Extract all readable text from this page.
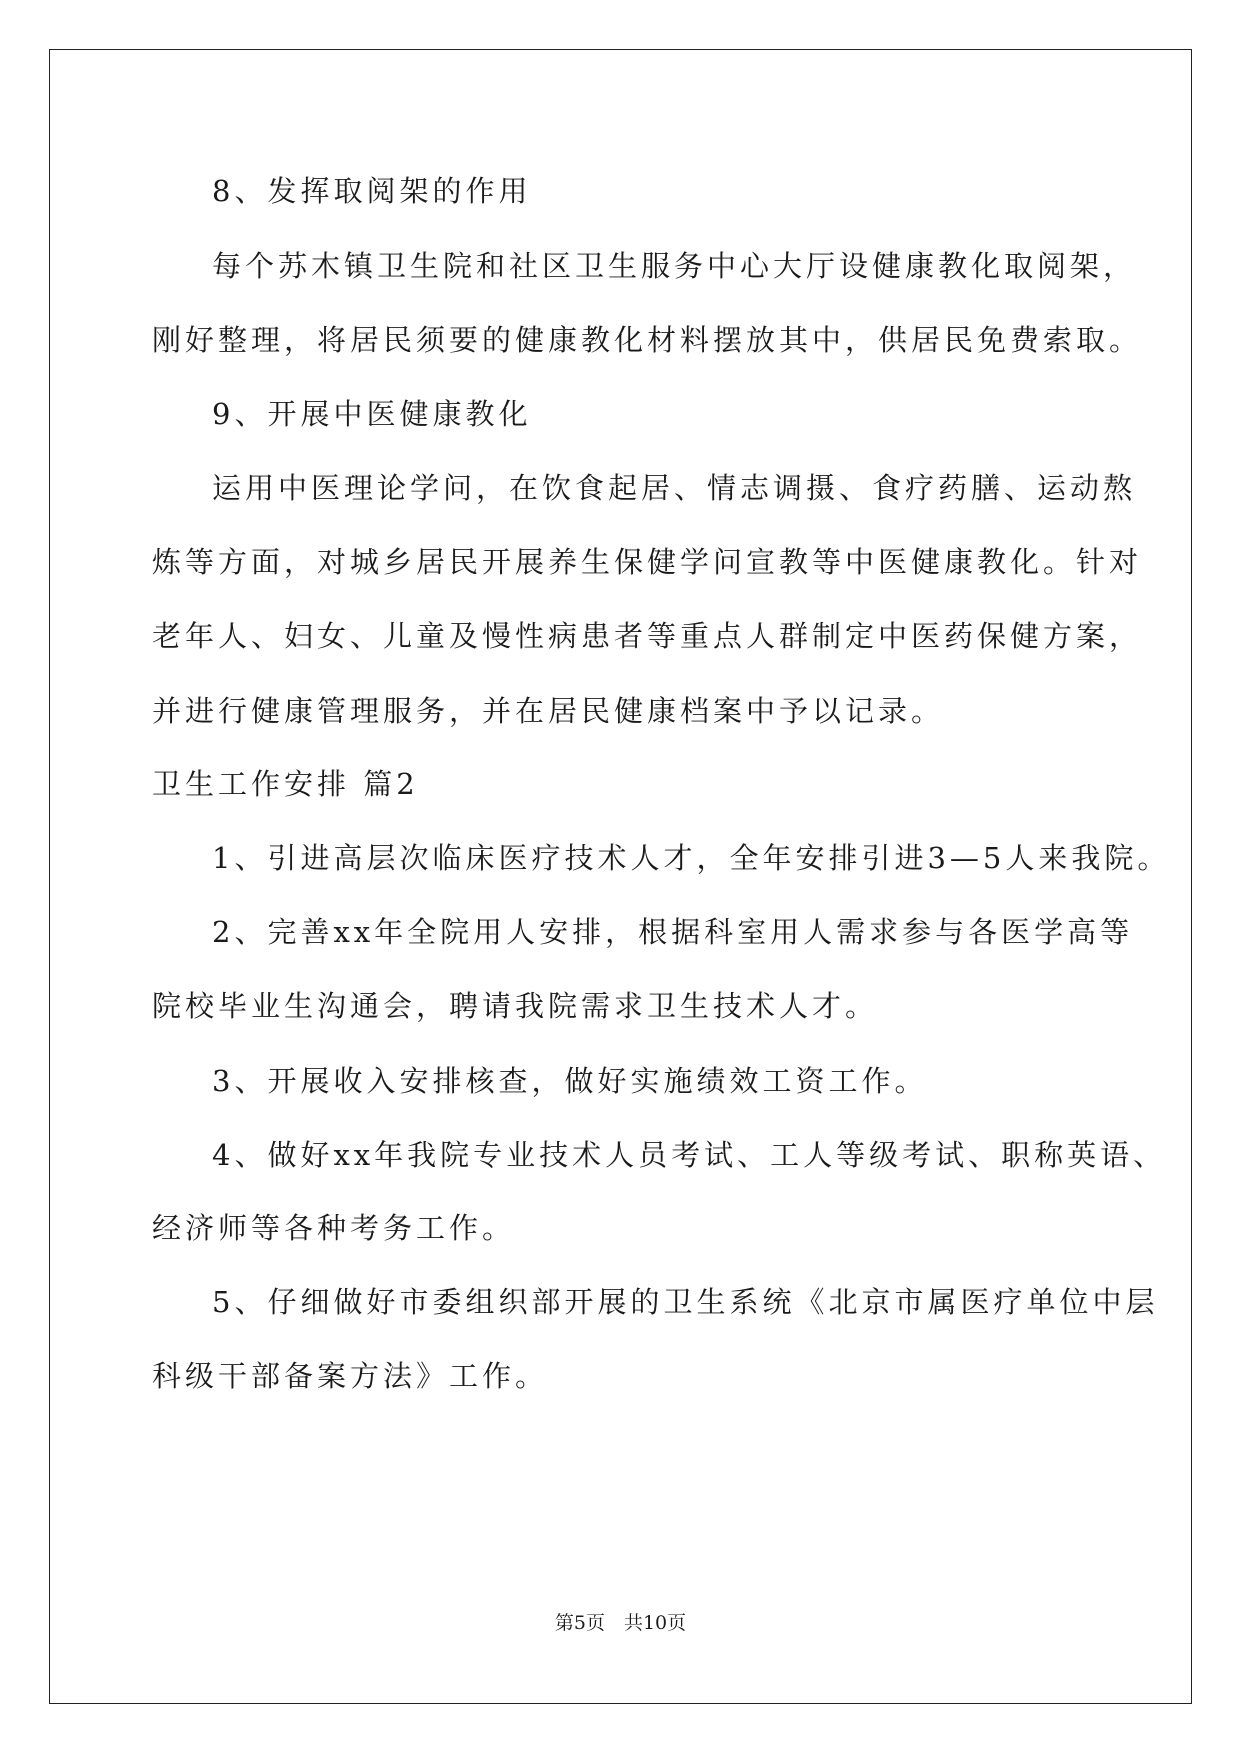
8、发挥取阅架的作用
每个苏木镇卫生院和社区卫生服务中心大厅设健康教化取阅架，
刚好整理，将居民须要的健康教化材料摆放其中，供居民免费索取。
9、开展中医健康教化
运用中医理论学问，在饮食起居、情志调摄、食疗药膳、运动熬
炼等方面，对城乡居民开展养生保健学问宣教等中医健康教化。针对
老年人、妇女、儿童及慢性病患者等重点人群制定中医药保健方案，
并进行健康管理服务，并在居民健康档案中予以记录。
卫生工作安排 篇2
1、引进高层次临床医疗技术人才，全年安排引进3—5人来我院。
2、完善xx年全院用人安排，根据科室用人需求参与各医学高等
院校毕业生沟通会，聘请我院需求卫生技术人才。
3、开展收入安排核查，做好实施绩效工资工作。
4、做好xx年我院专业技术人员考试、工人等级考试、职称英语、
经济师等各种考务工作。
5、仔细做好市委组织部开展的卫生系统《北京市属医疗单位中层
科级干部备案方法》工作。
第5页　共10页
